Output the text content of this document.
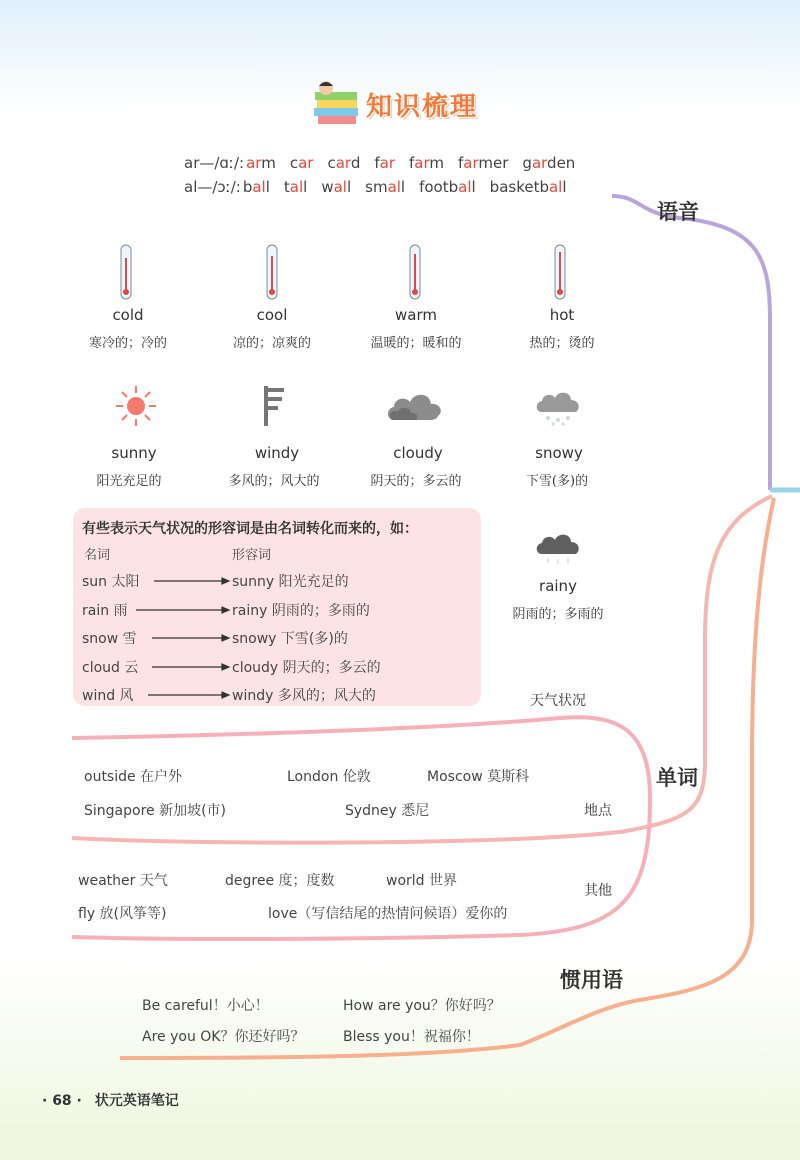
知识梳理
ar—/ɑː/: arm car card far farm farmer garden
al—/ɔː/: ball tall wall small football basketball
语音
cold
寒冷的；冷的
cool
凉的；凉爽的
warm
温暖的；暖和的
hot
热的；烫的
sunny
阳光充足的
windy
多风的；风大的
cloudy
阴天的；多云的
snowy
下雪(多)的
有些表示天气状况的形容词是由名词转化而来的，如：
名词	形容词
sun 太阳	sunny 阳光充足的
rain 雨	rainy 阴雨的；多雨的
snow 雪	snowy 下雪(多)的
cloud 云	cloudy 阴天的；多云的
wind 风	windy 多风的；风大的
rainy
阴雨的；多雨的
天气状况
单词
outside 在户外	London 伦敦	Moscow 莫斯科
Singapore 新加坡(市)	Sydney 悉尼	地点
weather 天气	degree 度；度数	world 世界
其他
fly 放(风筝等)	love（写信结尾的热情问候语）爱你的
惯用语
Be careful！小心！	How are you？你好吗？
Are you OK？你还好吗？	Bless you！祝福你！
· 68 · 状元英语笔记
